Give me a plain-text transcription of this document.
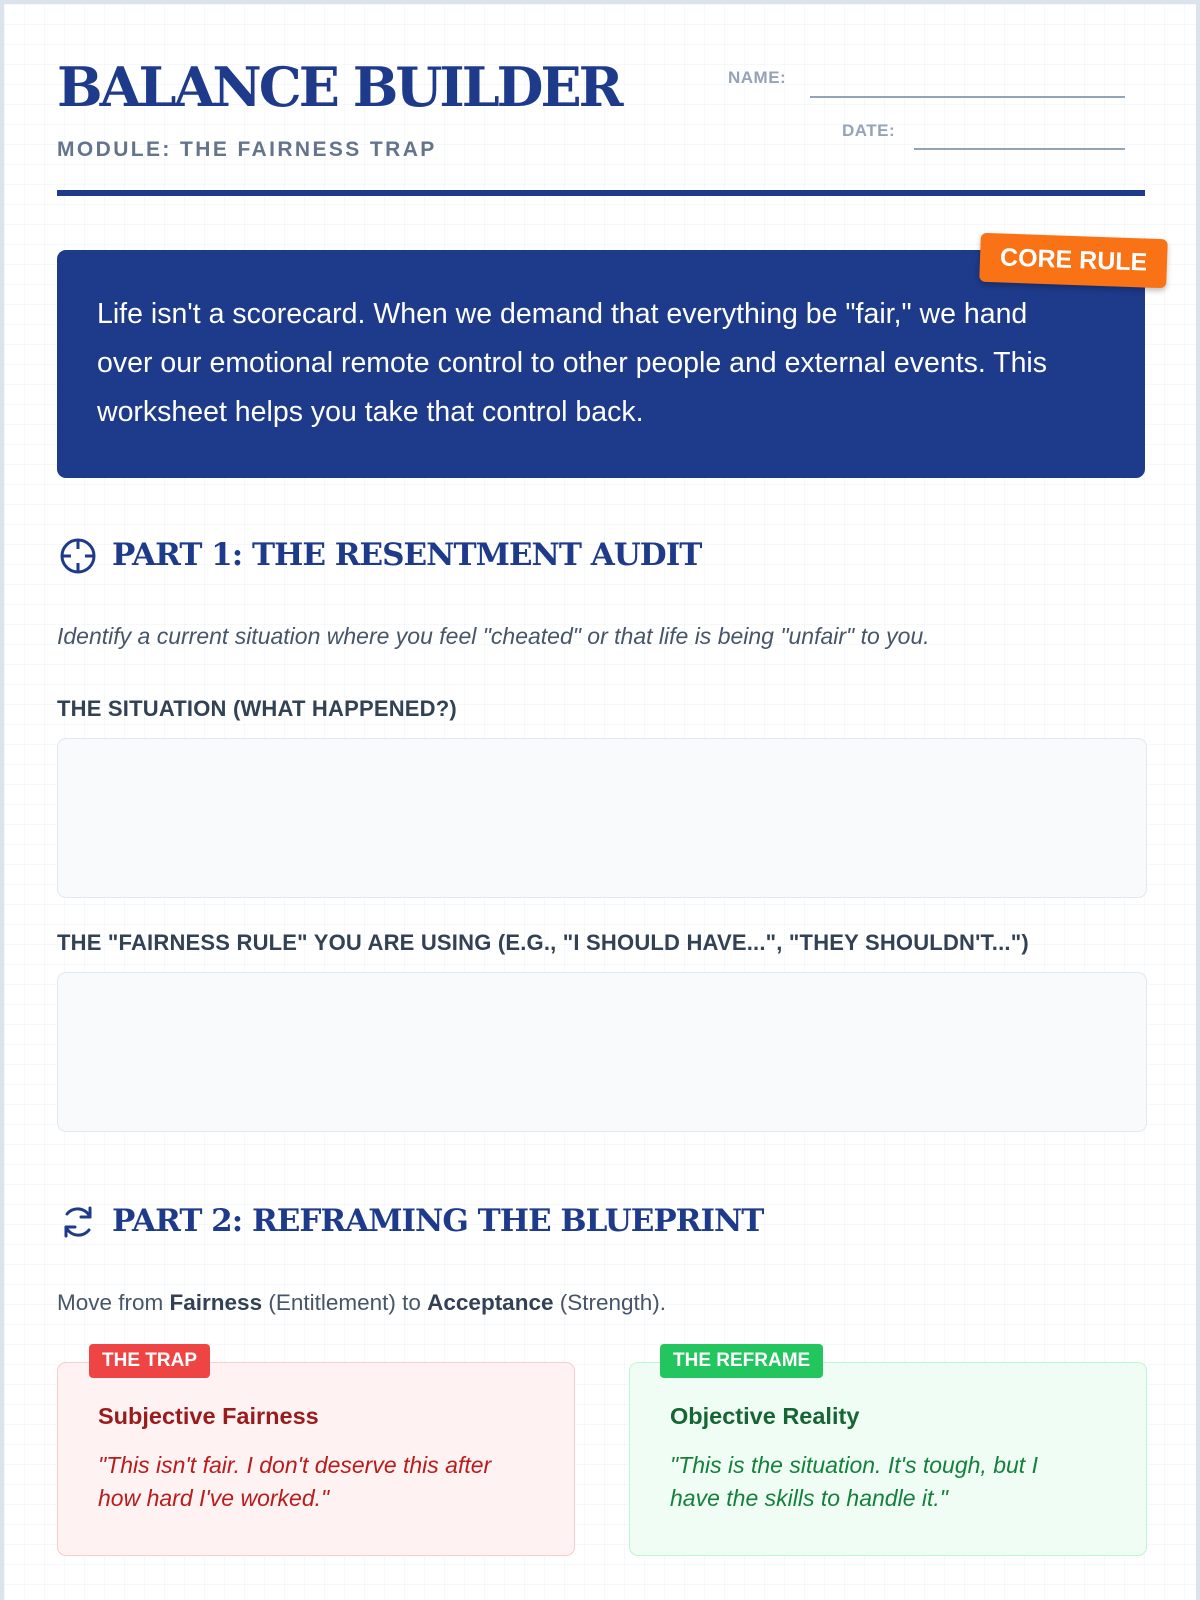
BALANCE BUILDER
MODULE: THE FAIRNESS TRAP
NAME:
DATE:
Life isn't a scorecard. When we demand that everything be "fair," we hand over our emotional remote control to other people and external events. This worksheet helps you take that control back.
CORE RULE
PART 1: THE RESENTMENT AUDIT
Identify a current situation where you feel "cheated" or that life is being "unfair" to you.
THE SITUATION (WHAT HAPPENED?)
THE "FAIRNESS RULE" YOU ARE USING (E.G., "I SHOULD HAVE...", "THEY SHOULDN'T...")
PART 2: REFRAMING THE BLUEPRINT
Move from Fairness (Entitlement) to Acceptance (Strength).
Subjective Fairness
"This isn't fair. I don't deserve this after how hard I've worked."
THE TRAP
Objective Reality
"This is the situation. It's tough, but I have the skills to handle it."
THE REFRAME
